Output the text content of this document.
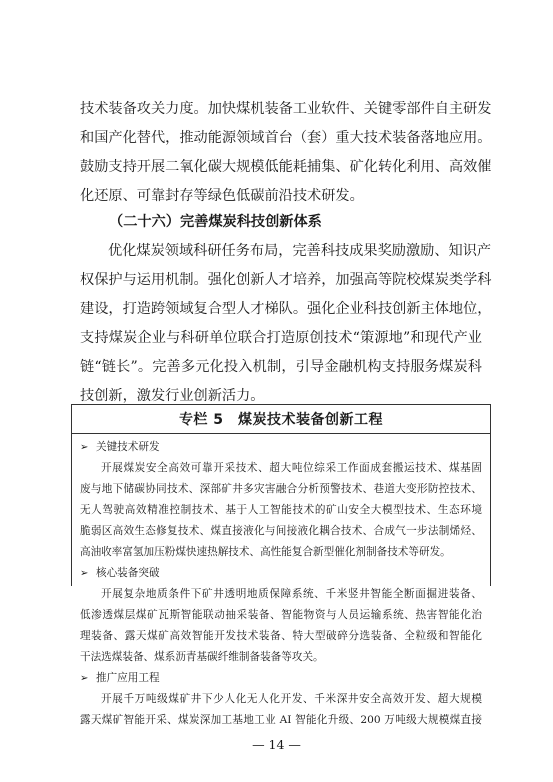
技术装备攻关力度。加快煤机装备工业软件、关键零部件自主研发
和国产化替代，推动能源领域首台（套）重大技术装备落地应用。
鼓励支持开展二氧化碳大规模低能耗捕集、矿化转化利用、高效催
化还原、可靠封存等绿色低碳前沿技术研发。
（二十六）完善煤炭科技创新体系
优化煤炭领域科研任务布局，完善科技成果奖励激励、知识产
权保护与运用机制。强化创新人才培养，加强高等院校煤炭类学科
建设，打造跨领域复合型人才梯队。强化企业科技创新主体地位，
支持煤炭企业与科研单位联合打造原创技术“策源地”和现代产业
链“链长”。完善多元化投入机制，引导金融机构支持服务煤炭科
技创新，激发行业创新活力。
专栏 5　煤炭技术装备创新工程
➢ 关键技术研发
开展煤炭安全高效可靠开采技术、超大吨位综采工作面成套搬运技术、煤基固
废与地下储碳协同技术、深部矿井多灾害融合分析预警技术、巷道大变形防控技术、
无人驾驶高效精准控制技术、基于人工智能技术的矿山安全大模型技术、生态环境
脆弱区高效生态修复技术、煤直接液化与间接液化耦合技术、合成气一步法制烯烃、
高油收率富氢加压粉煤快速热解技术、高性能复合新型催化剂制备技术等研发。
➢ 核心装备突破
开展复杂地质条件下矿井透明地质保障系统、千米竖井智能全断面掘进装备、
低渗透煤层煤矿瓦斯智能联动抽采装备、智能物资与人员运输系统、热害智能化治
理装备、露天煤矿高效智能开发技术装备、特大型破碎分选装备、全粒级和智能化
干法选煤装备、煤系沥青基碳纤维制备装备等攻关。
➢ 推广应用工程
开展千万吨级煤矿井下少人化无人化开发、千米深井安全高效开发、超大规模
露天煤矿智能开采、煤炭深加工基地工业 AI 智能化升级、200 万吨级大规模煤直接
— 14 —
